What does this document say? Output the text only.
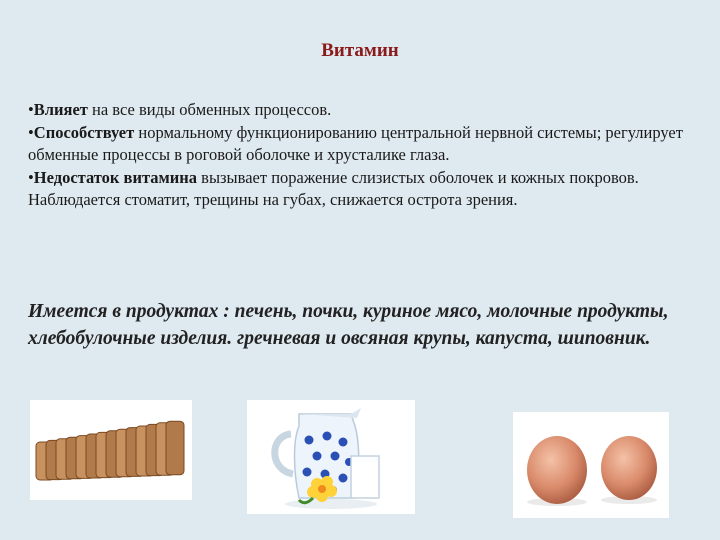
Витамин

•Влияет на все виды обменных процессов.

•Способствует нормальному функционированию центральной нервной системы; регулирует обменные процессы в роговой оболочке и хрусталике глаза.

•Недостаток витамина вызывает поражение слизистых оболочек и кожных покровов. Наблюдается стоматит, трещины на губах, снижается острота зрения.

Имеется в продуктах : печень, почки, куриное мясо, молочные продукты, хлебобулочные изделия. гречневая и овсяная крупы, капуста, шиповник.
